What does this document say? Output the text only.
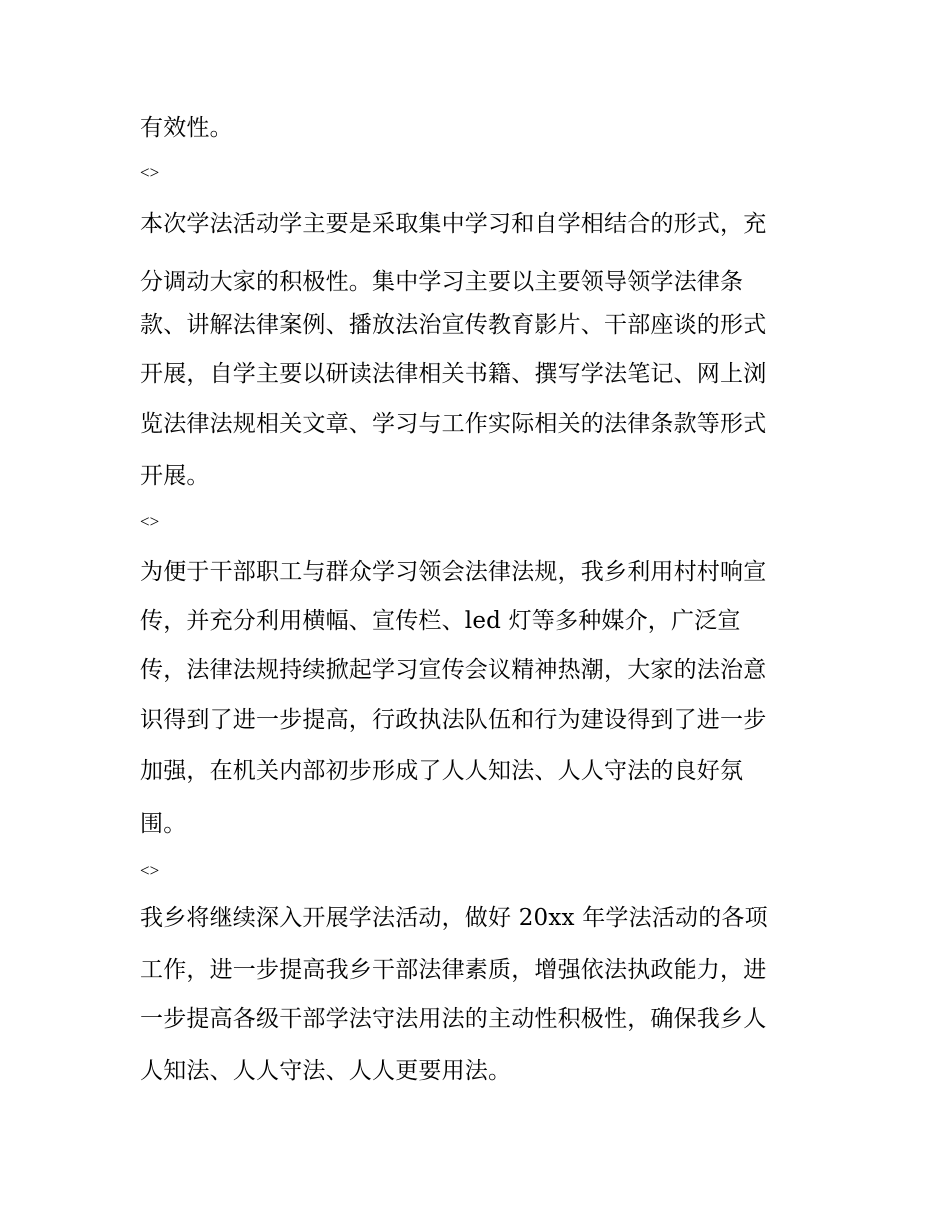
有效性。
<>
本次学法活动学主要是采取集中学习和自学相结合的形式，充
分调动大家的积极性。集中学习主要以主要领导领学法律条
款、讲解法律案例、播放法治宣传教育影片、干部座谈的形式
开展，自学主要以研读法律相关书籍、撰写学法笔记、网上浏
览法律法规相关文章、学习与工作实际相关的法律条款等形式
开展。
<>
为便于干部职工与群众学习领会法律法规，我乡利用村村响宣
传，并充分利用横幅、宣传栏、led 灯等多种媒介，广泛宣
传，法律法规持续掀起学习宣传会议精神热潮，大家的法治意
识得到了进一步提高，行政执法队伍和行为建设得到了进一步
加强，在机关内部初步形成了人人知法、人人守法的良好氛
围。
<>
我乡将继续深入开展学法活动，做好 20xx 年学法活动的各项
工作，进一步提高我乡干部法律素质，增强依法执政能力，进
一步提高各级干部学法守法用法的主动性积极性，确保我乡人
人知法、人人守法、人人更要用法。
